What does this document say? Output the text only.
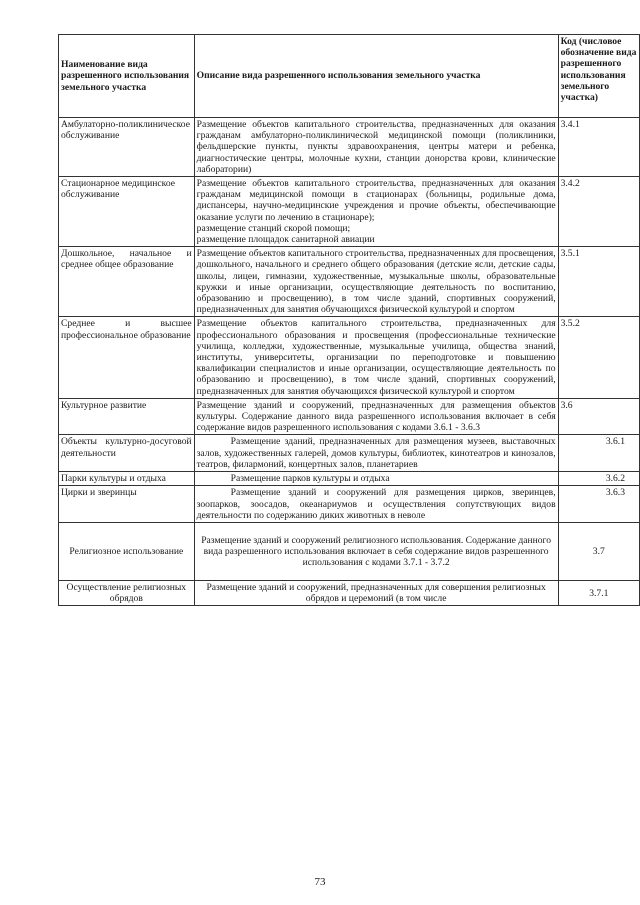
Наименование вида разрешенного использования земельного участка	Описание вида разрешенного использования земельного участка	Код (числовое обозначение вида разрешенного использования земельного участка)
Амбулаторно-поликлиническое обслуживание	Размещение объектов капитального строительства, предназначенных для оказания гражданам амбулаторно-поликлинической медицинской помощи (поликлиники, фельдшерские пункты, пункты здравоохранения, центры матери и ребенка, диагностические центры, молочные кухни, станции донорства крови, клинические лаборатории)	3.4.1
Стационарное медицинское обслуживание	Размещение объектов капитального строительства, предназначенных для оказания гражданам медицинской помощи в стационарах (больницы, родильные дома, диспансеры, научно-медицинские учреждения и прочие объекты, обеспечивающие оказание услуги по лечению в стационаре);
размещение станций скорой помощи;
размещение площадок санитарной авиации	3.4.2
Дошкольное, начальное и среднее общее образование	Размещение объектов капитального строительства, предназначенных для просвещения, дошкольного, начального и среднего общего образования (детские ясли, детские сады, школы, лицеи, гимназии, художественные, музыкальные школы, образовательные кружки и иные организации, осуществляющие деятельность по воспитанию, образованию и просвещению), в том числе зданий, спортивных сооружений, предназначенных для занятия обучающихся физической культурой и спортом	3.5.1
Среднее и высшее профессиональное образование	Размещение объектов капитального строительства, предназначенных для профессионального образования и просвещения (профессиональные технические училища, колледжи, художественные, музыкальные училища, общества знаний, институты, университеты, организации по переподготовке и повышению квалификации специалистов и иные организации, осуществляющие деятельность по образованию и просвещению), в том числе зданий, спортивных сооружений, предназначенных для занятия обучающихся физической культурой и спортом	3.5.2
Культурное развитие	Размещение зданий и сооружений, предназначенных для размещения объектов культуры. Содержание данного вида разрешенного использования включает в себя содержание видов разрешенного использования с кодами 3.6.1 - 3.6.3	3.6
Объекты культурно-досуговой деятельности	Размещение зданий, предназначенных для размещения музеев, выставочных залов, художественных галерей, домов культуры, библиотек, кинотеатров и кинозалов, театров, филармоний, концертных залов, планетариев	3.6.1
Парки культуры и отдыха	Размещение парков культуры и отдыха	3.6.2
Цирки и зверинцы	Размещение зданий и сооружений для размещения цирков, зверинцев, зоопарков, зоосадов, океанариумов и осуществления сопутствующих видов деятельности по содержанию диких животных в неволе	3.6.3
Религиозное использование	Размещение зданий и сооружений религиозного использования. Содержание данного вида разрешенного использования включает в себя содержание видов разрешенного использования с кодами 3.7.1 - 3.7.2	3.7
Осуществление религиозных обрядов	Размещение зданий и сооружений, предназначенных для совершения религиозных обрядов и церемоний (в том числе	3.7.1
73
